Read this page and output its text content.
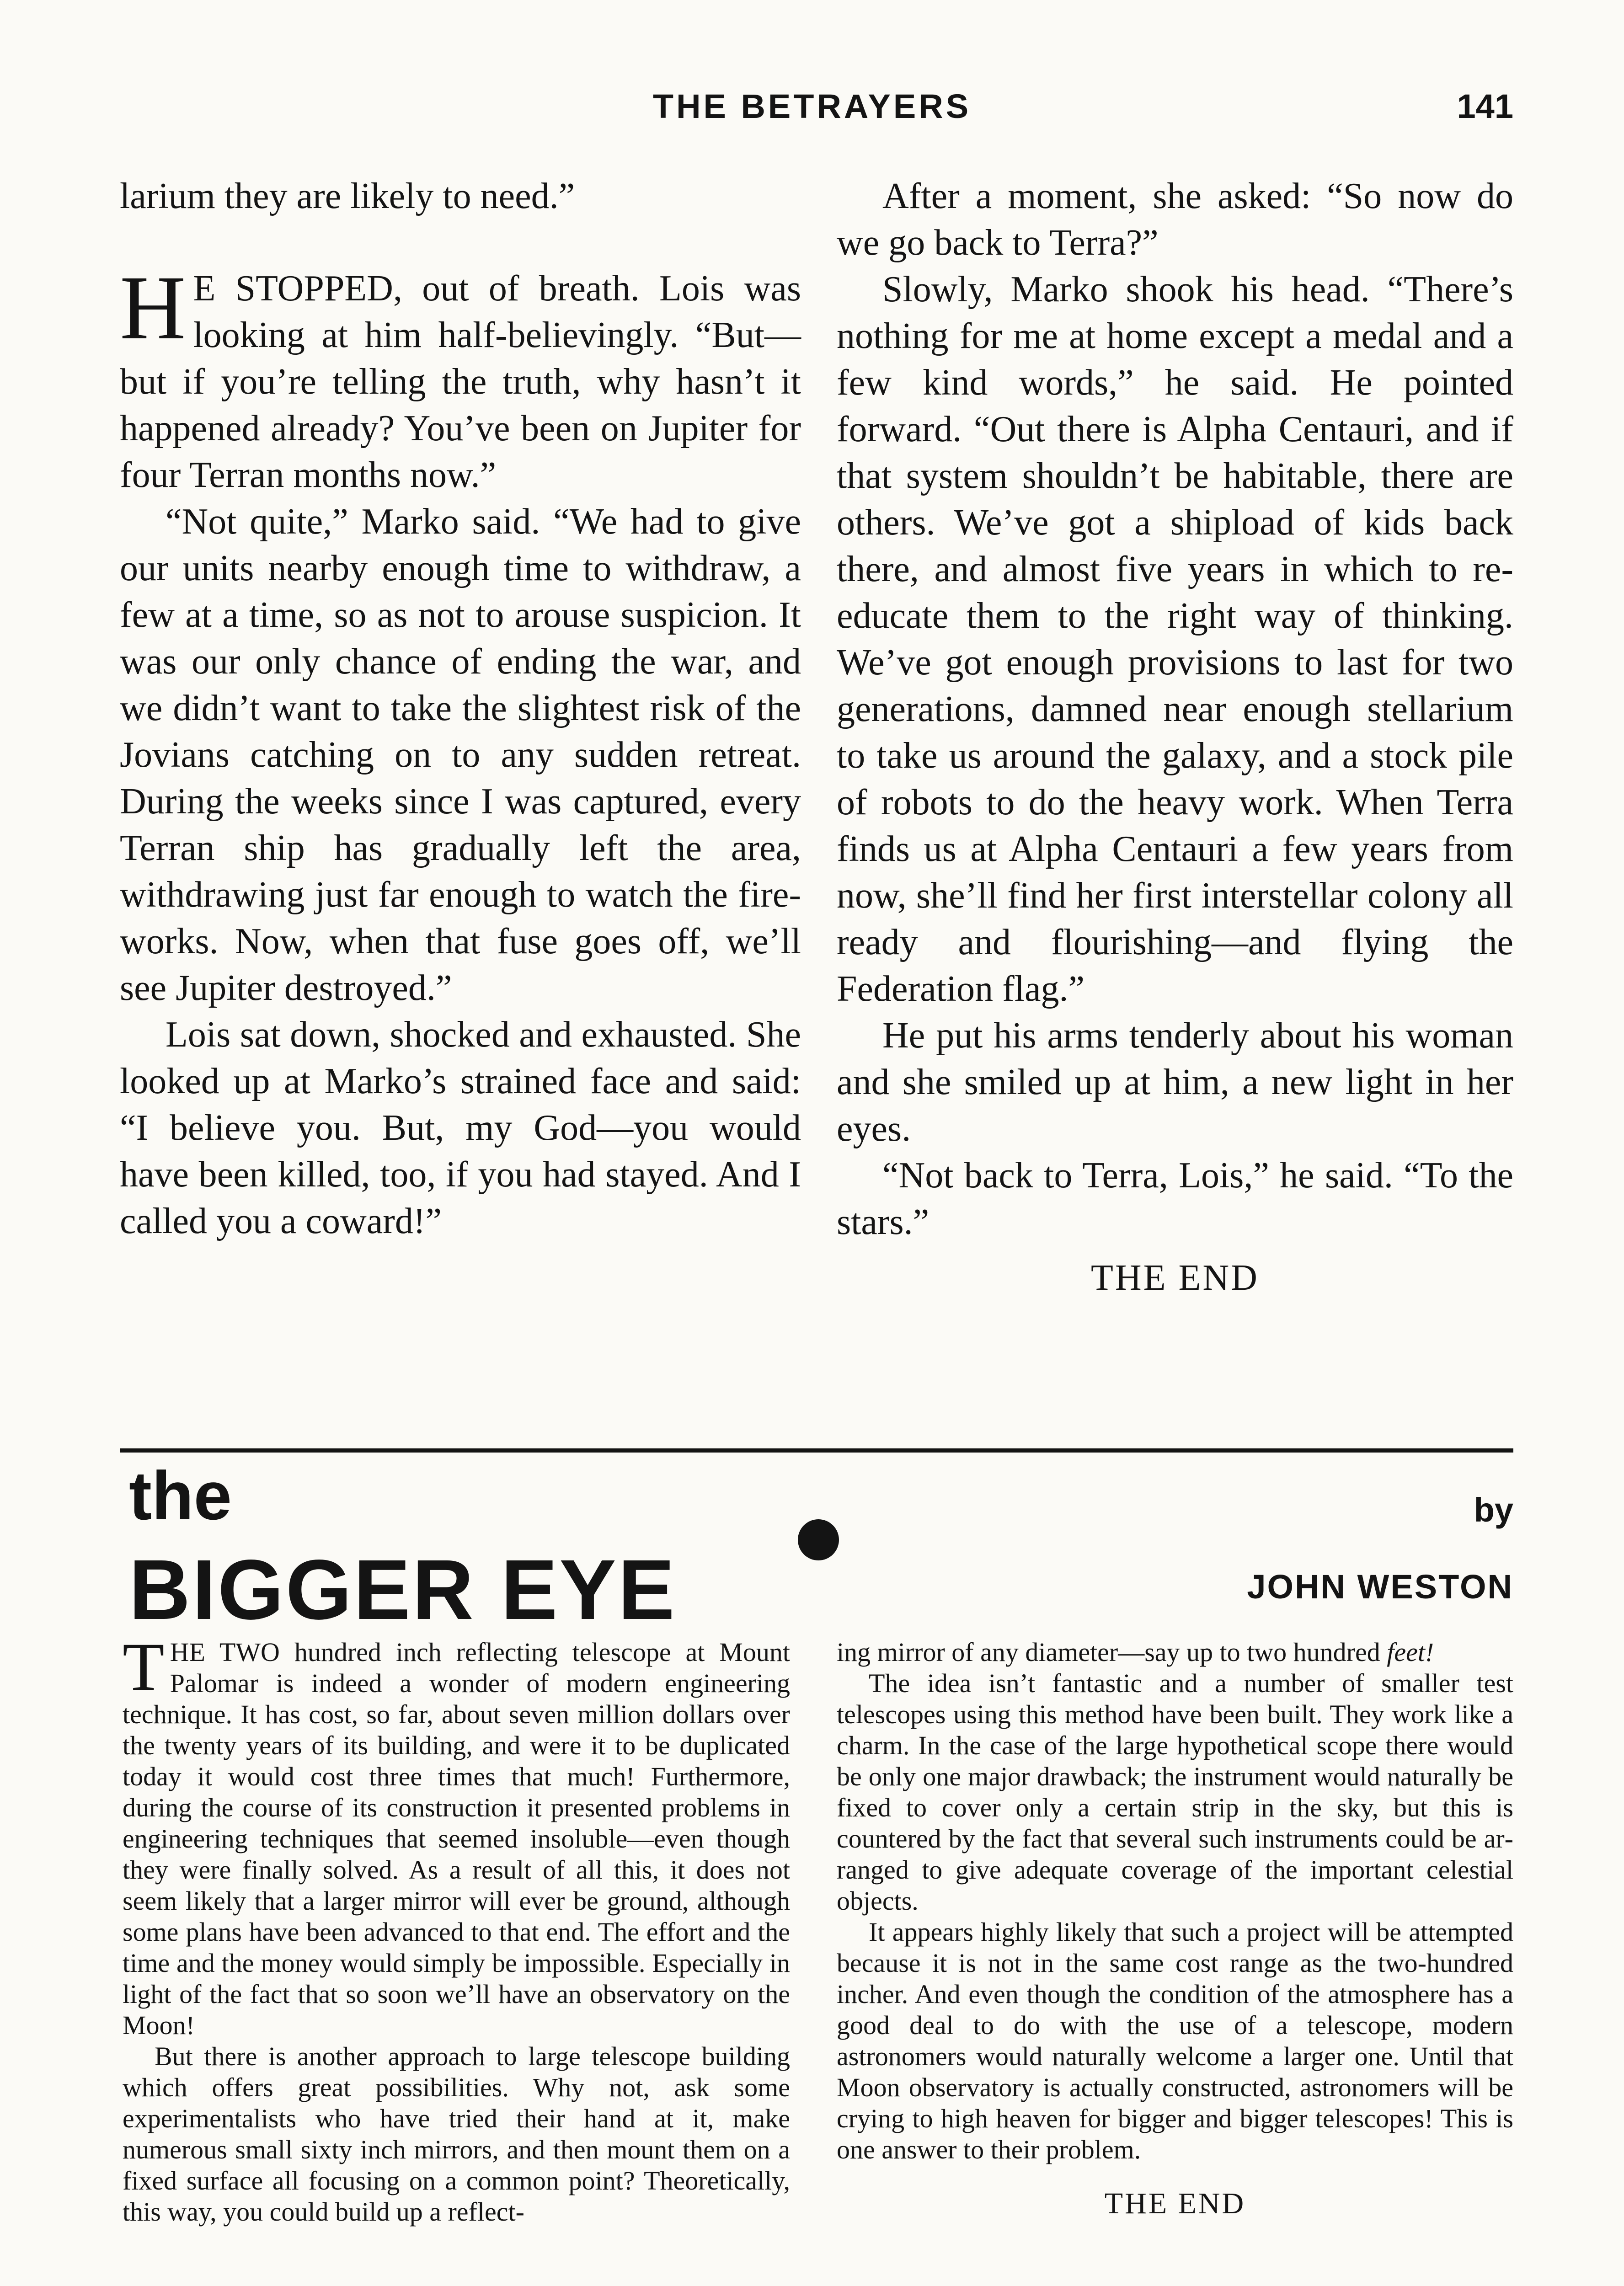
THE BETRAYERS	141

larium they are likely to need.”

H E STOPPED, out of breath. Lois was looking at him half-believingly. “But—but if you’re telling the truth, why hasn’t it happened already? You’ve been on Jupiter for four Terran months now.”

“Not quite,” Marko said. “We had to give our units nearby enough time to withdraw, a few at a time, so as not to arouse suspicion. It was our only chance of ending the war, and we didn’t want to take the slightest risk of the Jovians catching on to any sudden retreat. During the weeks since I was captured, every Terran ship has gradually left the area, withdrawing just far enough to watch the fireworks. Now, when that fuse goes off, we’ll see Jupiter destroyed.”

Lois sat down, shocked and exhausted. She looked up at Marko’s strained face and said: “I believe you. But, my God—you would have been killed, too, if you had stayed. And I called you a coward!”

After a moment, she asked: “So now do we go back to Terra?”

Slowly, Marko shook his head. “There’s nothing for me at home except a medal and a few kind words,” he said. He pointed forward. “Out there is Alpha Centauri, and if that system shouldn’t be habitable, there are others. We’ve got a shipload of kids back there, and almost five years in which to re-educate them to the right way of thinking. We’ve got enough provisions to last for two generations, damned near enough stellarium to take us around the galaxy, and a stock pile of robots to do the heavy work. When Terra finds us at Alpha Centauri a few years from now, she’ll find her first interstellar colony all ready and flourishing—and flying the Federation flag.”

He put his arms tenderly about his woman and she smiled up at him, a new light in her eyes.

“Not back to Terra, Lois,” he said. “To the stars.”

THE END
the
BIGGER EYE
by
JOHN WESTON

THE TWO hundred inch reflecting telescope at Mount Palomar is indeed a wonder of modern engineering technique. It has cost, so far, about seven million dollars over the twenty years of its building, and were it to be duplicated today it would cost three times that much! Furthermore, during the course of its construction it presented problems in engineering techniques that seemed insoluble—even though they were finally solved. As a result of all this, it does not seem likely that a larger mirror will ever be ground, although some plans have been advanced to that end. The effort and the time and the money would simply be impossible. Especially in light of the fact that so soon we’ll have an observatory on the Moon!

But there is another approach to large telescope building which offers great possibilities. Why not, ask some experimentalists who have tried their hand at it, make numerous small sixty inch mirrors, and then mount them on a fixed surface all focusing on a common point? Theoretically, this way, you could build up a reflect-

ing mirror of any diameter—say up to two hundred feet!

The idea isn’t fantastic and a number of smaller test telescopes using this method have been built. They work like a charm. In the case of the large hypothetical scope there would be only one major drawback; the instrument would naturally be fixed to cover only a certain strip in the sky, but this is countered by the fact that several such instruments could be arranged to give adequate coverage of the important celestial objects.

It appears highly likely that such a project will be attempted because it is not in the same cost range as the two-hundred incher. And even though the condition of the atmosphere has a good deal to do with the use of a telescope, modern astronomers would naturally welcome a larger one. Until that Moon observatory is actually constructed, astronomers will be crying to high heaven for bigger and bigger telescopes! This is one answer to their problem.

THE END
